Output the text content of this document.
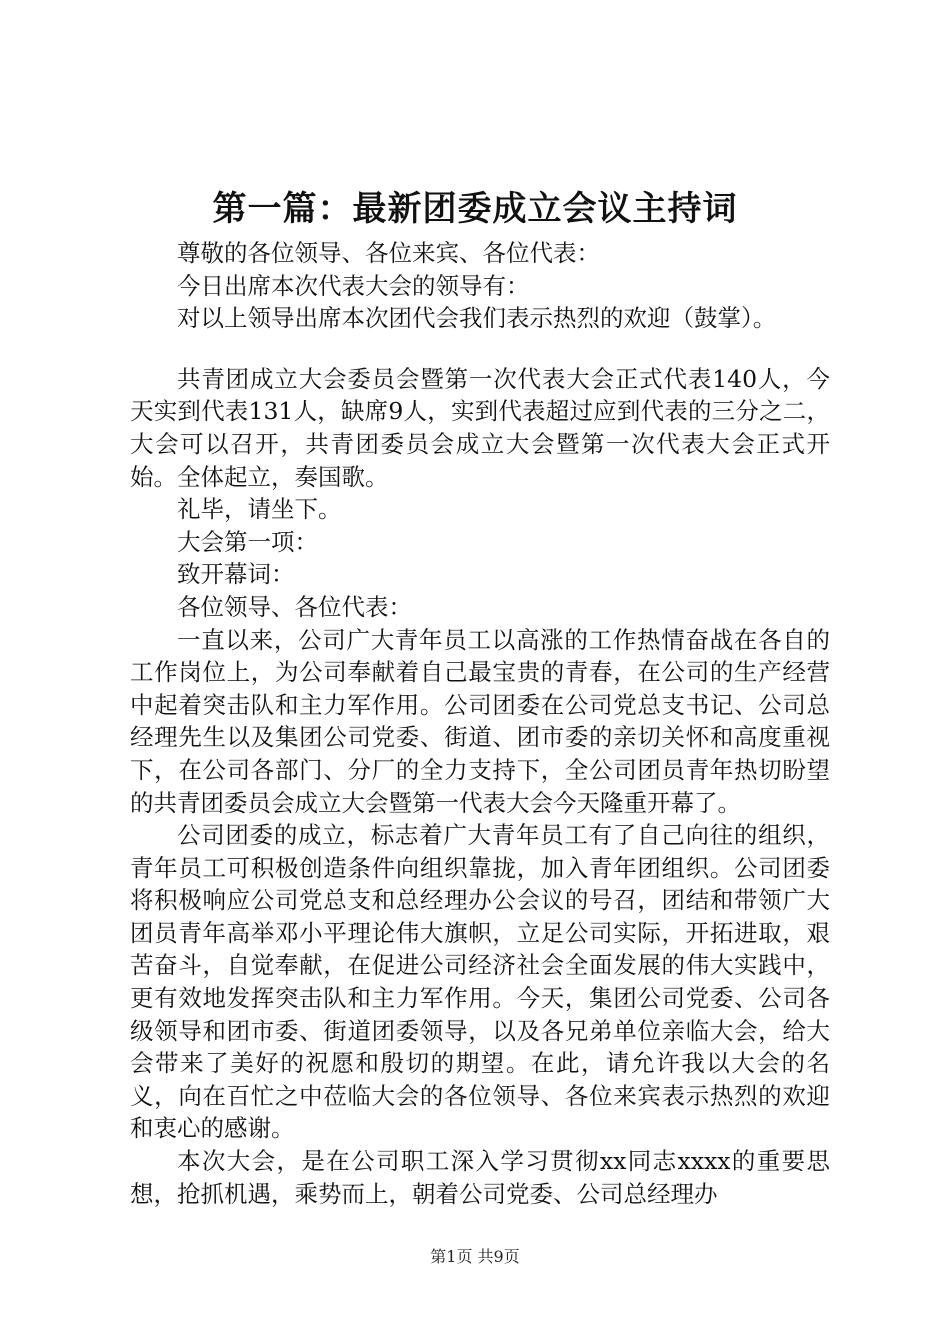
第一篇：最新团委成立会议主持词

尊敬的各位领导、各位来宾、各位代表：

今日出席本次代表大会的领导有：

对以上领导出席本次团代会我们表示热烈的欢迎（鼓掌）。

共青团成立大会委员会暨第一次代表大会正式代表140人，今天实到代表131人，缺席9人，实到代表超过应到代表的三分之二，大会可以召开，共青团委员会成立大会暨第一次代表大会正式开始。全体起立，奏国歌。

礼毕，请坐下。

大会第一项：

致开幕词：

各位领导、各位代表：

一直以来，公司广大青年员工以高涨的工作热情奋战在各自的工作岗位上，为公司奉献着自己最宝贵的青春，在公司的生产经营中起着突击队和主力军作用。公司团委在公司党总支书记、公司总经理先生以及集团公司党委、街道、团市委的亲切关怀和高度重视下，在公司各部门、分厂的全力支持下，全公司团员青年热切盼望的共青团委员会成立大会暨第一代表大会今天隆重开幕了。

公司团委的成立，标志着广大青年员工有了自己向往的组织，青年员工可积极创造条件向组织靠拢，加入青年团组织。公司团委将积极响应公司党总支和总经理办公会议的号召，团结和带领广大团员青年高举邓小平理论伟大旗帜，立足公司实际，开拓进取，艰苦奋斗，自觉奉献，在促进公司经济社会全面发展的伟大实践中，更有效地发挥突击队和主力军作用。今天，集团公司党委、公司各级领导和团市委、街道团委领导，以及各兄弟单位亲临大会，给大会带来了美好的祝愿和殷切的期望。在此，请允许我以大会的名义，向在百忙之中莅临大会的各位领导、各位来宾表示热烈的欢迎和衷心的感谢。

本次大会，是在公司职工深入学习贯彻xx同志xxxx的重要思想，抢抓机遇，乘势而上，朝着公司党委、公司总经理办

第1页 共9页
